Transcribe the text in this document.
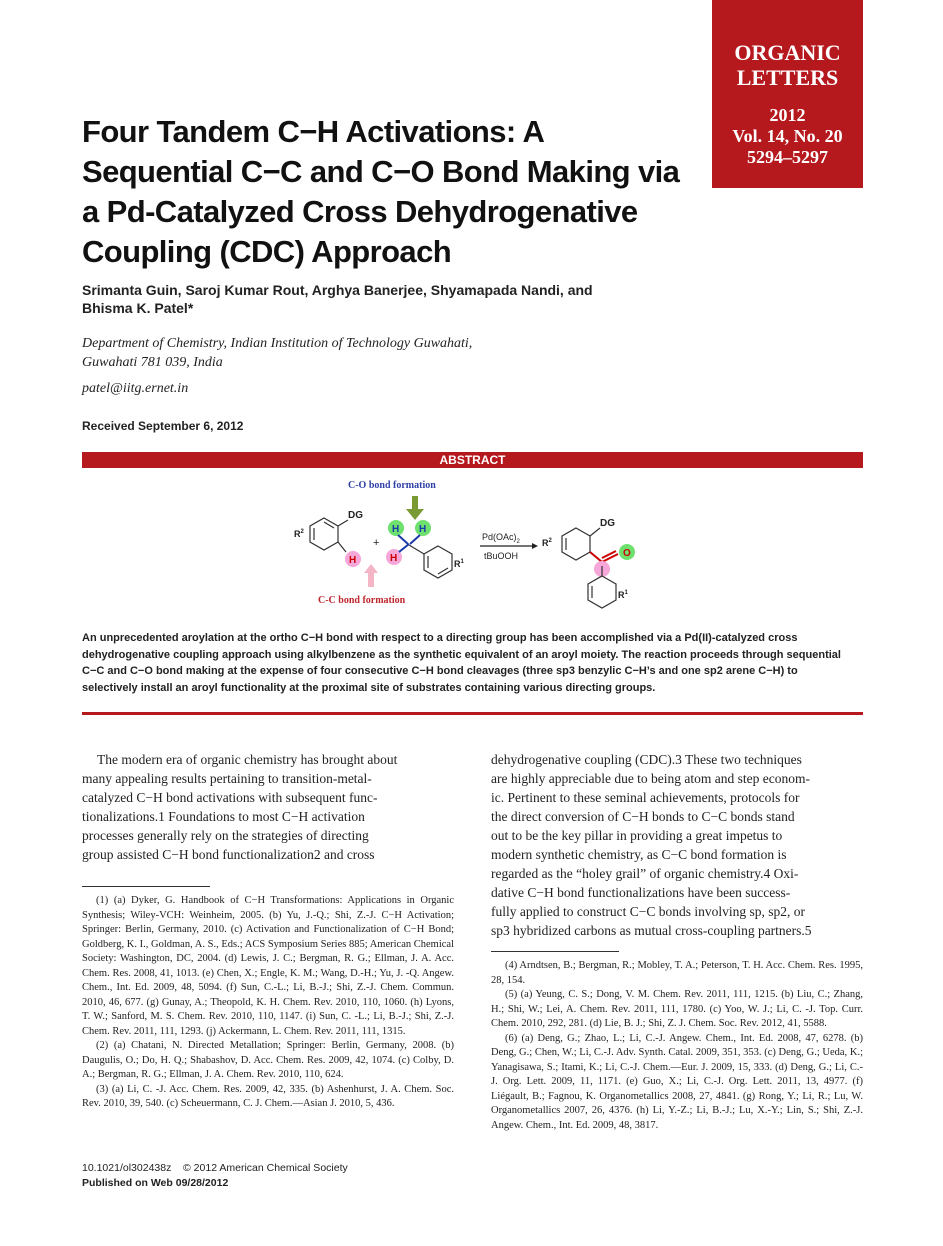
ORGANIC
LETTERS
2012
Vol. 14, No. 20
5294–5297
Four Tandem C−H Activations: A
Sequential C−C and C−O Bond Making via
a Pd-Catalyzed Cross Dehydrogenative
Coupling (CDC) Approach
Srimanta Guin, Saroj Kumar Rout, Arghya Banerjee, Shyamapada Nandi, and
Bhisma K. Patel*
Department of Chemistry, Indian Institution of Technology Guwahati,
Guwahati 781 039, India
patel@iitg.ernet.in
Received September 6, 2012
ABSTRACT
C-O bond formation
C-C bond formation
DG
$R^2$
H
+
H H
H	$R^1$
$Pd(OAc)_2$
tBuOOH
$R^2$
DG
O
$R^1$
An unprecedented aroylation at the ortho C−H bond with respect to a directing group has been accomplished via a Pd(II)-catalyzed cross
dehydrogenative coupling approach using alkylbenzene as the synthetic equivalent of an aroyl moiety. The reaction proceeds through sequential
C−C and C−O bond making at the expense of four consecutive C−H bond cleavages (three sp3 benzylic C−H’s and one sp2 arene C−H) to
selectively install an aroyl functionality at the proximal site of substrates containing various directing groups.
The modern era of organic chemistry has brought about
many appealing results pertaining to transition-metal-
catalyzed C−H bond activations with subsequent func-
tionalizations.1 Foundations to most C−H activation
processes generally rely on the strategies of directing
group assisted C−H bond functionalization2 and cross
dehydrogenative coupling (CDC).3 These two techniques
are highly appreciable due to being atom and step econom-
ic. Pertinent to these seminal achievements, protocols for
the direct conversion of C−H bonds to C−C bonds stand
out to be the key pillar in providing a great impetus to
modern synthetic chemistry, as C−C bond formation is
regarded as the “holey grail” of organic chemistry.4 Oxi-
dative C−H bond functionalizations have been success-
fully applied to construct C−C bonds involving sp, sp2, or
sp3 hybridized carbons as mutual cross-coupling partners.5

(1) (a) Dyker, G. Handbook of C−H Transformations: Applications in Organic Synthesis; Wiley-VCH: Weinheim, 2005. (b) Yu, J.-Q.; Shi, Z.-J. C−H Activation; Springer: Berlin, Germany, 2010. (c) Activation and Functionalization of C−H Bond; Goldberg, K. I., Goldman, A. S., Eds.; ACS Symposium Series 885; American Chemical Society: Washington, DC, 2004. (d) Lewis, J. C.; Bergman, R. G.; Ellman, J. A. Acc. Chem. Res. 2008, 41, 1013. (e) Chen, X.; Engle, K. M.; Wang, D.-H.; Yu, J. -Q. Angew. Chem., Int. Ed. 2009, 48, 5094. (f) Sun, C.-L.; Li, B.-J.; Shi, Z.-J. Chem. Commun. 2010, 46, 677. (g) Gunay, A.; Theopold, K. H. Chem. Rev. 2010, 110, 1060. (h) Lyons, T. W.; Sanford, M. S. Chem. Rev. 2010, 110, 1147. (i) Sun, C. -L.; Li, B.-J.; Shi, Z.-J. Chem. Rev. 2011, 111, 1293. (j) Ackermann, L. Chem. Rev. 2011, 111, 1315.

(2) (a) Chatani, N. Directed Metallation; Springer: Berlin, Germany, 2008. (b) Daugulis, O.; Do, H. Q.; Shabashov, D. Acc. Chem. Res. 2009, 42, 1074. (c) Colby, D. A.; Bergman, R. G.; Ellman, J. A. Chem. Rev. 2010, 110, 624.

(3) (a) Li, C. -J. Acc. Chem. Res. 2009, 42, 335. (b) Ashenhurst, J. A. Chem. Soc. Rev. 2010, 39, 540. (c) Scheuermann, C. J. Chem.—Asian J. 2010, 5, 436.

(4) Arndtsen, B.; Bergman, R.; Mobley, T. A.; Peterson, T. H. Acc. Chem. Res. 1995, 28, 154.

(5) (a) Yeung, C. S.; Dong, V. M. Chem. Rev. 2011, 111, 1215. (b) Liu, C.; Zhang, H.; Shi, W.; Lei, A. Chem. Rev. 2011, 111, 1780. (c) Yoo, W. J.; Li, C. -J. Top. Curr. Chem. 2010, 292, 281. (d) Lie, B. J.; Shi, Z. J. Chem. Soc. Rev. 2012, 41, 5588.

(6) (a) Deng, G.; Zhao, L.; Li, C.-J. Angew. Chem., Int. Ed. 2008, 47, 6278. (b) Deng, G.; Chen, W.; Li, C.-J. Adv. Synth. Catal. 2009, 351, 353. (c) Deng, G.; Ueda, K.; Yanagisawa, S.; Itami, K.; Li, C.-J. Chem.—Eur. J. 2009, 15, 333. (d) Deng, G.; Li, C.-J. Org. Lett. 2009, 11, 1171. (e) Guo, X.; Li, C.-J. Org. Lett. 2011, 13, 4977. (f) Liégault, B.; Fagnou, K. Organometallics 2008, 27, 4841. (g) Rong, Y.; Li, R.; Lu, W. Organometallics 2007, 26, 4376. (h) Li, Y.-Z.; Li, B.-J.; Lu, X.-Y.; Lin, S.; Shi, Z.-J. Angew. Chem., Int. Ed. 2009, 48, 3817.

10.1021/ol302438z © 2012 American Chemical Society
Published on Web 09/28/2012
